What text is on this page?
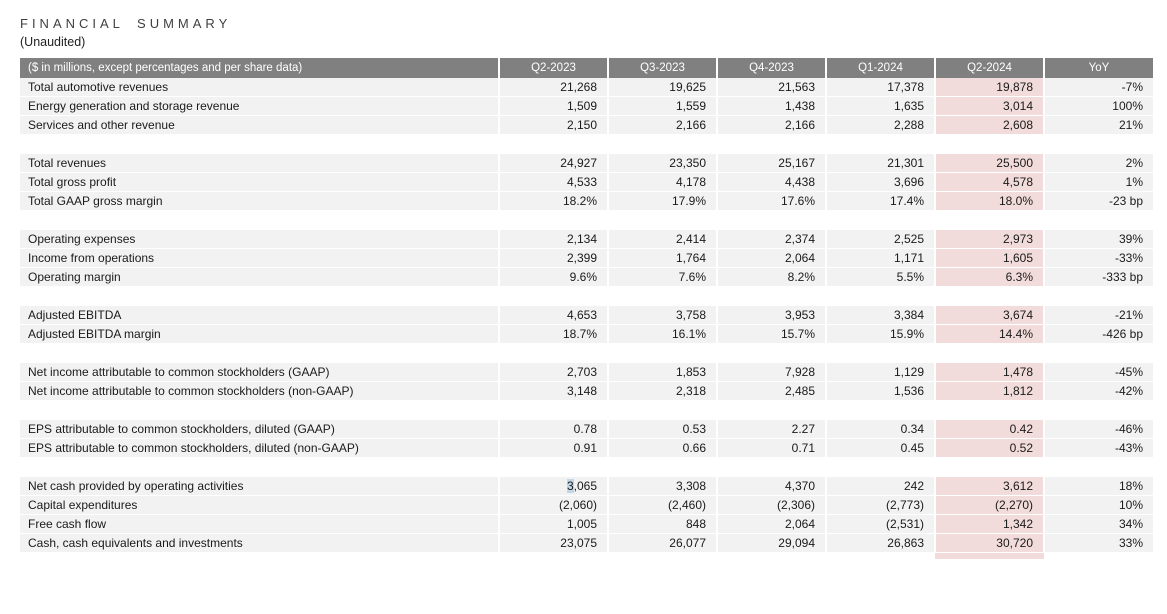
FINANCIAL SUMMARY
(Unaudited)
($ in millions, except percentages and per share data)	Q2-2023	Q3-2023	Q4-2023	Q1-2024	Q2-2024	YoY
Total automotive revenues	21,268	19,625	21,563	17,378	19,878	-7%
Energy generation and storage revenue	1,509	1,559	1,438	1,635	3,014	100%
Services and other revenue	2,150	2,166	2,166	2,288	2,608	21%

Total revenues	24,927	23,350	25,167	21,301	25,500	2%
Total gross profit	4,533	4,178	4,438	3,696	4,578	1%
Total GAAP gross margin	18.2%	17.9%	17.6%	17.4%	18.0%	-23 bp

Operating expenses	2,134	2,414	2,374	2,525	2,973	39%
Income from operations	2,399	1,764	2,064	1,171	1,605	-33%
Operating margin	9.6%	7.6%	8.2%	5.5%	6.3%	-333 bp

Adjusted EBITDA	4,653	3,758	3,953	3,384	3,674	-21%
Adjusted EBITDA margin	18.7%	16.1%	15.7%	15.9%	14.4%	-426 bp

Net income attributable to common stockholders (GAAP)	2,703	1,853	7,928	1,129	1,478	-45%
Net income attributable to common stockholders (non-GAAP)	3,148	2,318	2,485	1,536	1,812	-42%

EPS attributable to common stockholders, diluted (GAAP)	0.78	0.53	2.27	0.34	0.42	-46%
EPS attributable to common stockholders, diluted (non-GAAP)	0.91	0.66	0.71	0.45	0.52	-43%

Net cash provided by operating activities	3,065	3,308	4,370	242	3,612	18%
Capital expenditures	(2,060)	(2,460)	(2,306)	(2,773)	(2,270)	10%
Free cash flow	1,005	848	2,064	(2,531)	1,342	34%
Cash, cash equivalents and investments	23,075	26,077	29,094	26,863	30,720	33%
